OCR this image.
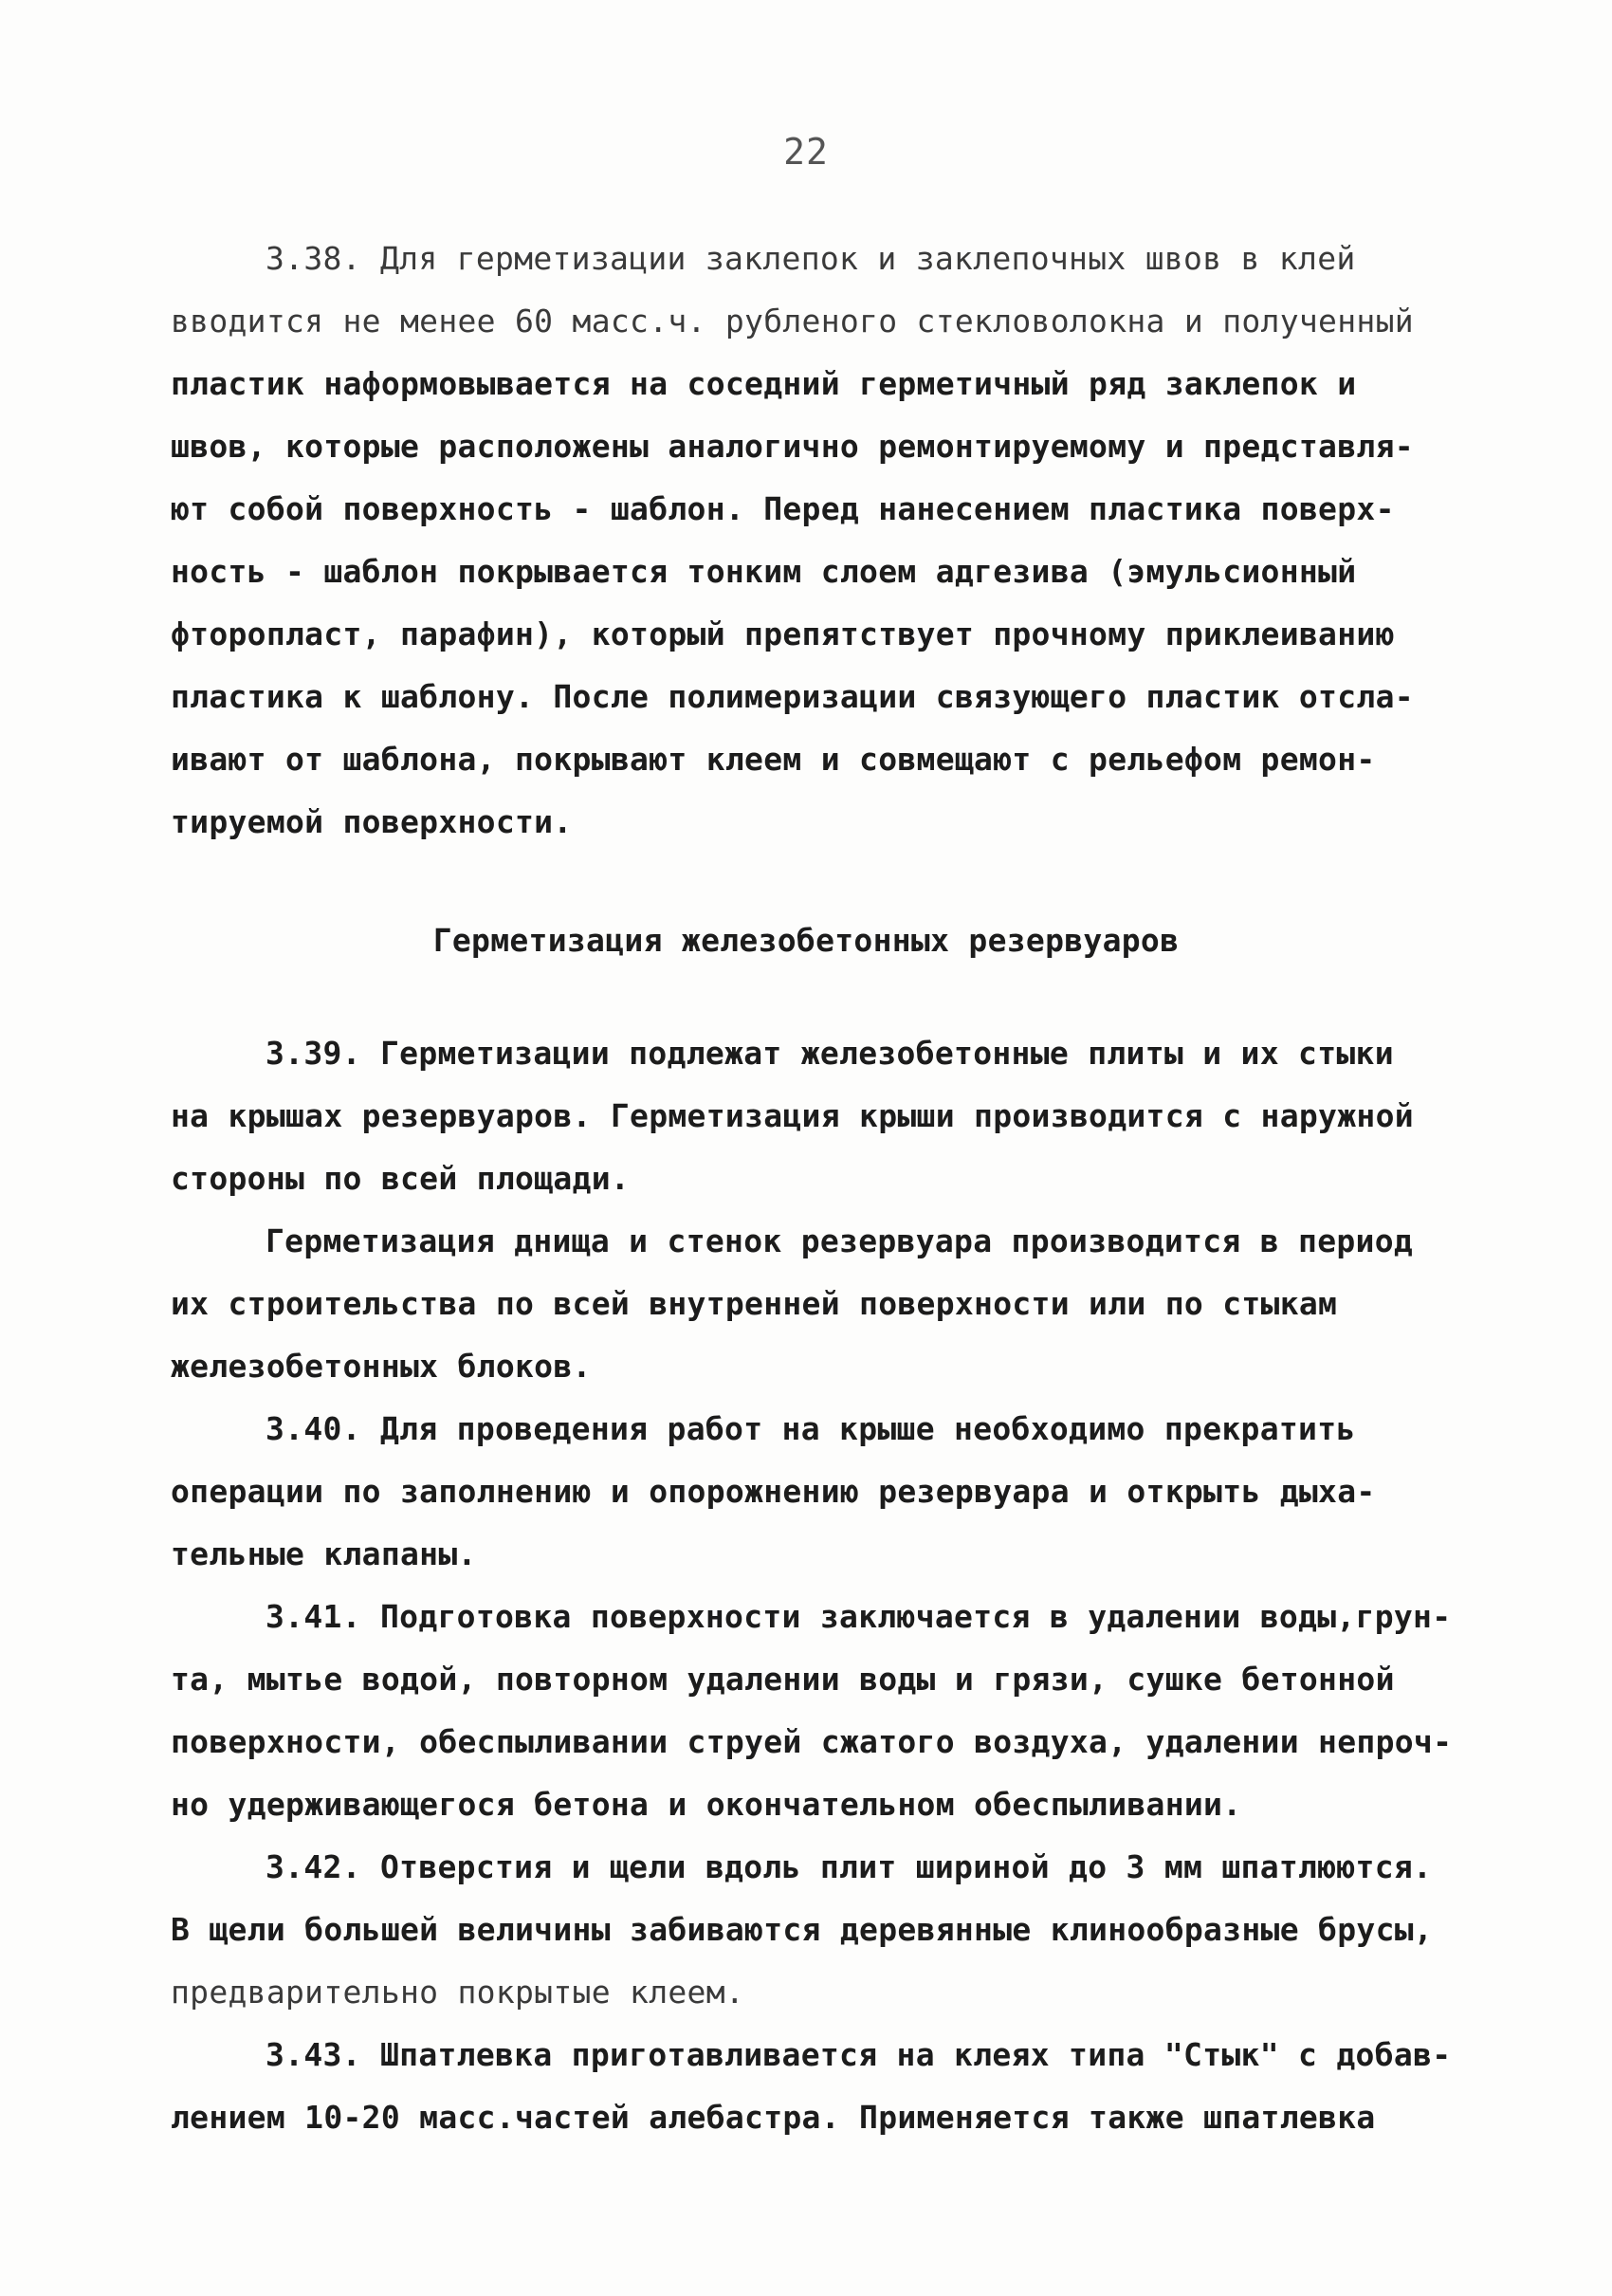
22
3.38. Для герметизации заклепок и заклепочных швов в клей
вводится не менее 60 масс.ч. рубленого стекловолокна и полученный
пластик наформовывается на соседний герметичный ряд заклепок и
швов, которые расположены аналогично ремонтируемому и представля-
ют собой поверхность - шаблон. Перед нанесением пластика поверх-
ность - шаблон покрывается тонким слоем адгезива (эмульсионный
фторопласт, парафин), который препятствует прочному приклеиванию
пластика к шаблону. После полимеризации связующего пластик отсла-
ивают от шаблона, покрывают клеем и совмещают с рельефом ремон-
тируемой поверхности.
Герметизация железобетонных резервуаров
3.39. Герметизации подлежат железобетонные плиты и их стыки
на крышах резервуаров. Герметизация крыши производится с наружной
стороны по всей площади.
Герметизация днища и стенок резервуара производится в период
их строительства по всей внутренней поверхности или по стыкам
железобетонных блоков.
3.40. Для проведения работ на крыше необходимо прекратить
операции по заполнению и опорожнению резервуара и открыть дыха-
тельные клапаны.
3.41. Подготовка поверхности заключается в удалении воды,грун-
та, мытье водой, повторном удалении воды и грязи, сушке бетонной
поверхности, обеспыливании струей сжатого воздуха, удалении непроч-
но удерживающегося бетона и окончательном обеспыливании.
3.42. Отверстия и щели вдоль плит шириной до 3 мм шпатлюются.
В щели большей величины забиваются деревянные клинообразные брусы,
предварительно покрытые клеем.
3.43. Шпатлевка приготавливается на клеях типа "Стык" с добав-
лением 10-20 масс.частей алебастра. Применяется также шпатлевка
